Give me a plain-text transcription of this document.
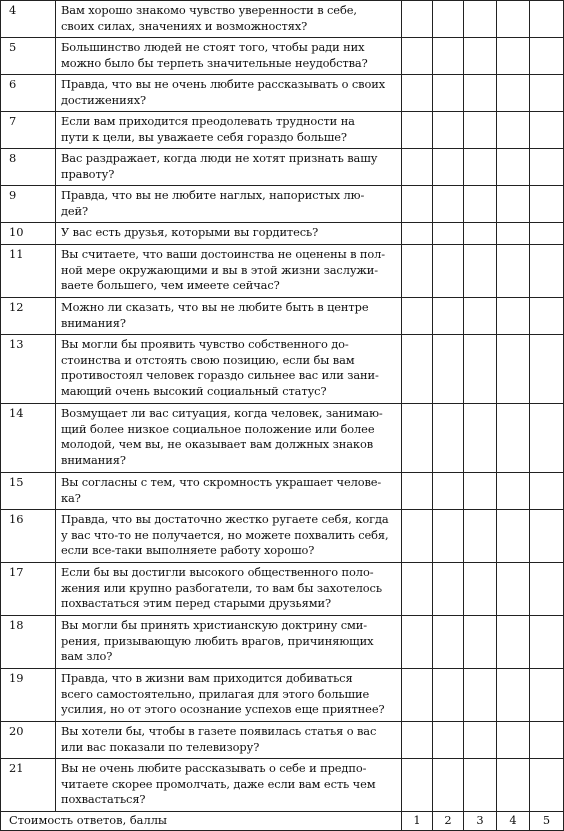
4	Вам хорошо знакомо чувство уверенности в себе,
своих силах, значениях и возможностях?					

5	Большинство людей не стоят того, чтобы ради них
можно было бы терпеть значительные неудобства?					

6	Правда, что вы не очень любите рассказывать о своих
достижениях?					

7	Если вам приходится преодолевать трудности на
пути к цели, вы уважаете себя гораздо больше?					

8	Вас раздражает, когда люди не хотят признать вашу
правоту?					

9	Правда, что вы не любите наглых, напористых лю-
дей?					

10	У вас есть друзья, которыми вы гордитесь?					

11	Вы считаете, что ваши достоинства не оценены в пол-
ной мере окружающими и вы в этой жизни заслужи-
ваете большего, чем имеете сейчас?					

12	Можно ли сказать, что вы не любите быть в центре
внимания?					

13	Вы могли бы проявить чувство собственного до-
стоинства и отстоять свою позицию, если бы вам
противостоял человек гораздо сильнее вас или зани-
мающий очень высокий социальный статус?					

14	Возмущает ли вас ситуация, когда человек, занимаю-
щий более низкое социальное положение или более
молодой, чем вы, не оказывает вам должных знаков
внимания?					

15	Вы согласны с тем, что скромность украшает челове-
ка?					

16	Правда, что вы достаточно жестко ругаете себя, когда
у вас что-то не получается, но можете похвалить себя,
если все-таки выполняете работу хорошо?					

17	Если бы вы достигли высокого общественного поло-
жения или крупно разбогатели, то вам бы захотелось
похвастаться этим перед старыми друзьями?					

18	Вы могли бы принять христианскую доктрину сми-
рения, призывающую любить врагов, причиняющих
вам зло?					

19	Правда, что в жизни вам приходится добиваться
всего самостоятельно, прилагая для этого большие
усилия, но от этого осознание успехов еще приятнее?					

20	Вы хотели бы, чтобы в газете появилась статья о вас
или вас показали по телевизору?					

21	Вы не очень любите рассказывать о себе и предпо-
читаете скорее промолчать, даже если вам есть чем
похвастаться?					

Стоимость ответов, баллы		1	2	3	4	5
